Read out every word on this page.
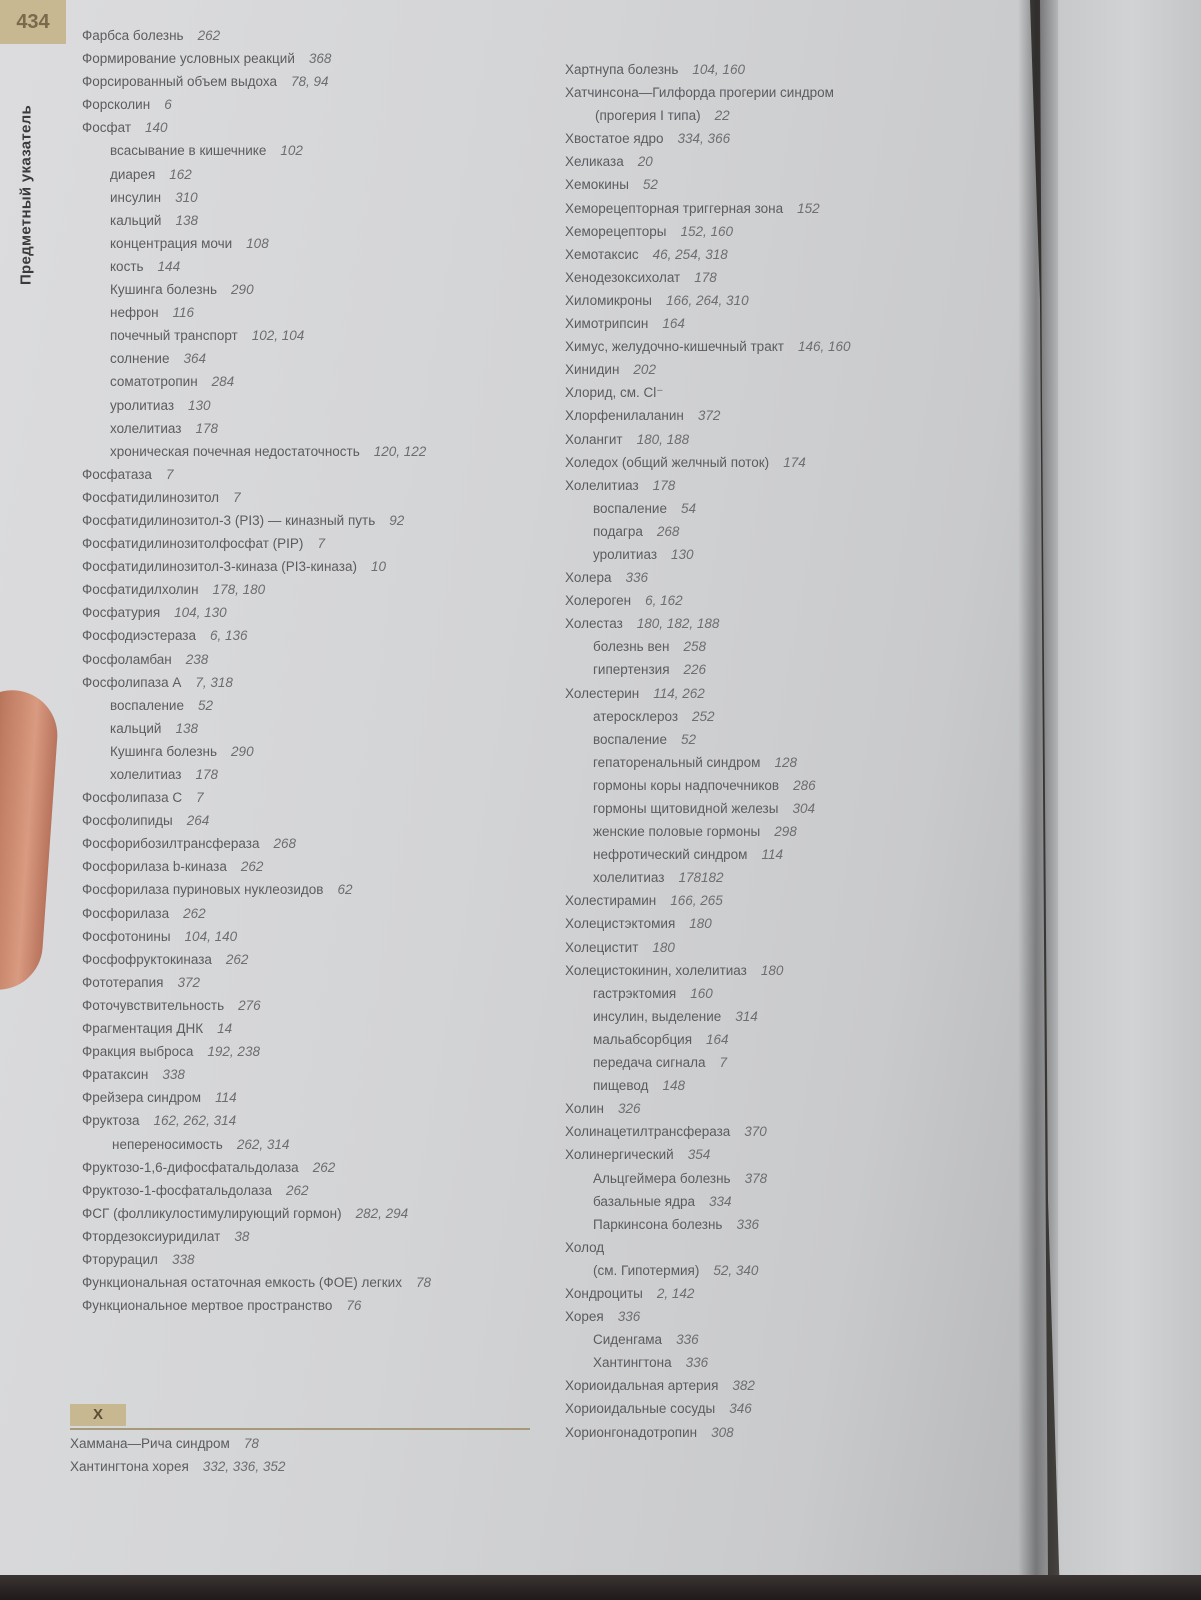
434
Предметный указатель
Фарбса болезнь 262
Формирование условных реакций 368
Форсированный объем выдоха 78, 94
Форсколин 6
Фосфат 140
всасывание в кишечнике 102
диарея 162
инсулин 310
кальций 138
концентрация мочи 108
кость 144
Кушинга болезнь 290
нефрон 116
почечный транспорт 102, 104
солнение 364
соматотропин 284
уролитиаз 130
холелитиаз 178
хроническая почечная недостаточность 120, 122
Фосфатаза 7
Фосфатидилинозитол 7
Фосфатидилинозитол-3 (PI3) — киназный путь 92
Фосфатидилинозитолфосфат (PIP) 7
Фосфатидилинозитол-3-киназа (PI3-киназа) 10
Фосфатидилхолин 178, 180
Фосфатурия 104, 130
Фосфодиэстераза 6, 136
Фосфоламбан 238
Фосфолипаза А 7, 318
воспаление 52
кальций 138
Кушинга болезнь 290
холелитиаз 178
Фосфолипаза С 7
Фосфолипиды 264
Фосфорибозилтрансфераза 268
Фосфорилаза b-киназа 262
Фосфорилаза пуриновых нуклеозидов 62
Фосфорилаза 262
Фосфотонины 104, 140
Фосфофруктокиназа 262
Фототерапия 372
Фоточувствительность 276
Фрагментация ДНК 14
Фракция выброса 192, 238
Фратаксин 338
Фрейзера синдром 114
Фруктоза 162, 262, 314
непереносимость 262, 314
Фруктозо-1,6-дифосфатальдолаза 262
Фруктозо-1-фосфатальдолаза 262
ФСГ (фолликулостимулирующий гормон) 282, 294
Фтордезоксиуридилат 38
Фторурацил 338
Функциональная остаточная емкость (ФОЕ) легких 78
Функциональное мертвое пространство 76
Х
Хаммана—Рича синдром 78
Хантингтона хорея 332, 336, 352
Хартнупа болезнь 104, 160
Хатчинсона—Гилфорда прогерии синдром
(прогерия I типа) 22
Хвостатое ядро 334, 366
Хеликаза 20
Хемокины 52
Хеморецепторная триггерная зона 152
Хеморецепторы 152, 160
Хемотаксис 46, 254, 318
Хенодезоксихолат 178
Хиломикроны 166, 264, 310
Химотрипсин 164
Химус, желудочно-кишечный тракт 146, 160
Хинидин 202
Хлорид, см. Cl⁻
Хлорфенилаланин 372
Холангит 180, 188
Холедох (общий желчный поток) 174
Холелитиаз 178
воспаление 54
подагра 268
уролитиаз 130
Холера 336
Холероген 6, 162
Холестаз 180, 182, 188
болезнь вен 258
гипертензия 226
Холестерин 114, 262
атеросклероз 252
воспаление 52
гепаторенальный синдром 128
гормоны коры надпочечников 286
гормоны щитовидной железы 304
женские половые гормоны 298
нефротический синдром 114
холелитиаз 178182
Холестирамин 166, 265
Холецистэктомия 180
Холецистит 180
Холецистокинин, холелитиаз 180
гастрэктомия 160
инсулин, выделение 314
мальабсорбция 164
передача сигнала 7
пищевод 148
Холин 326
Холинацетилтрансфераза 370
Холинергический 354
Альцгеймера болезнь 378
базальные ядра 334
Паркинсона болезнь 336
Холод
(см. Гипотермия) 52, 340
Хондроциты 2, 142
Хорея 336
Сиденгама 336
Хантингтона 336
Хориоидальная артерия 382
Хориоидальные сосуды 346
Хорионгонадотропин 308
